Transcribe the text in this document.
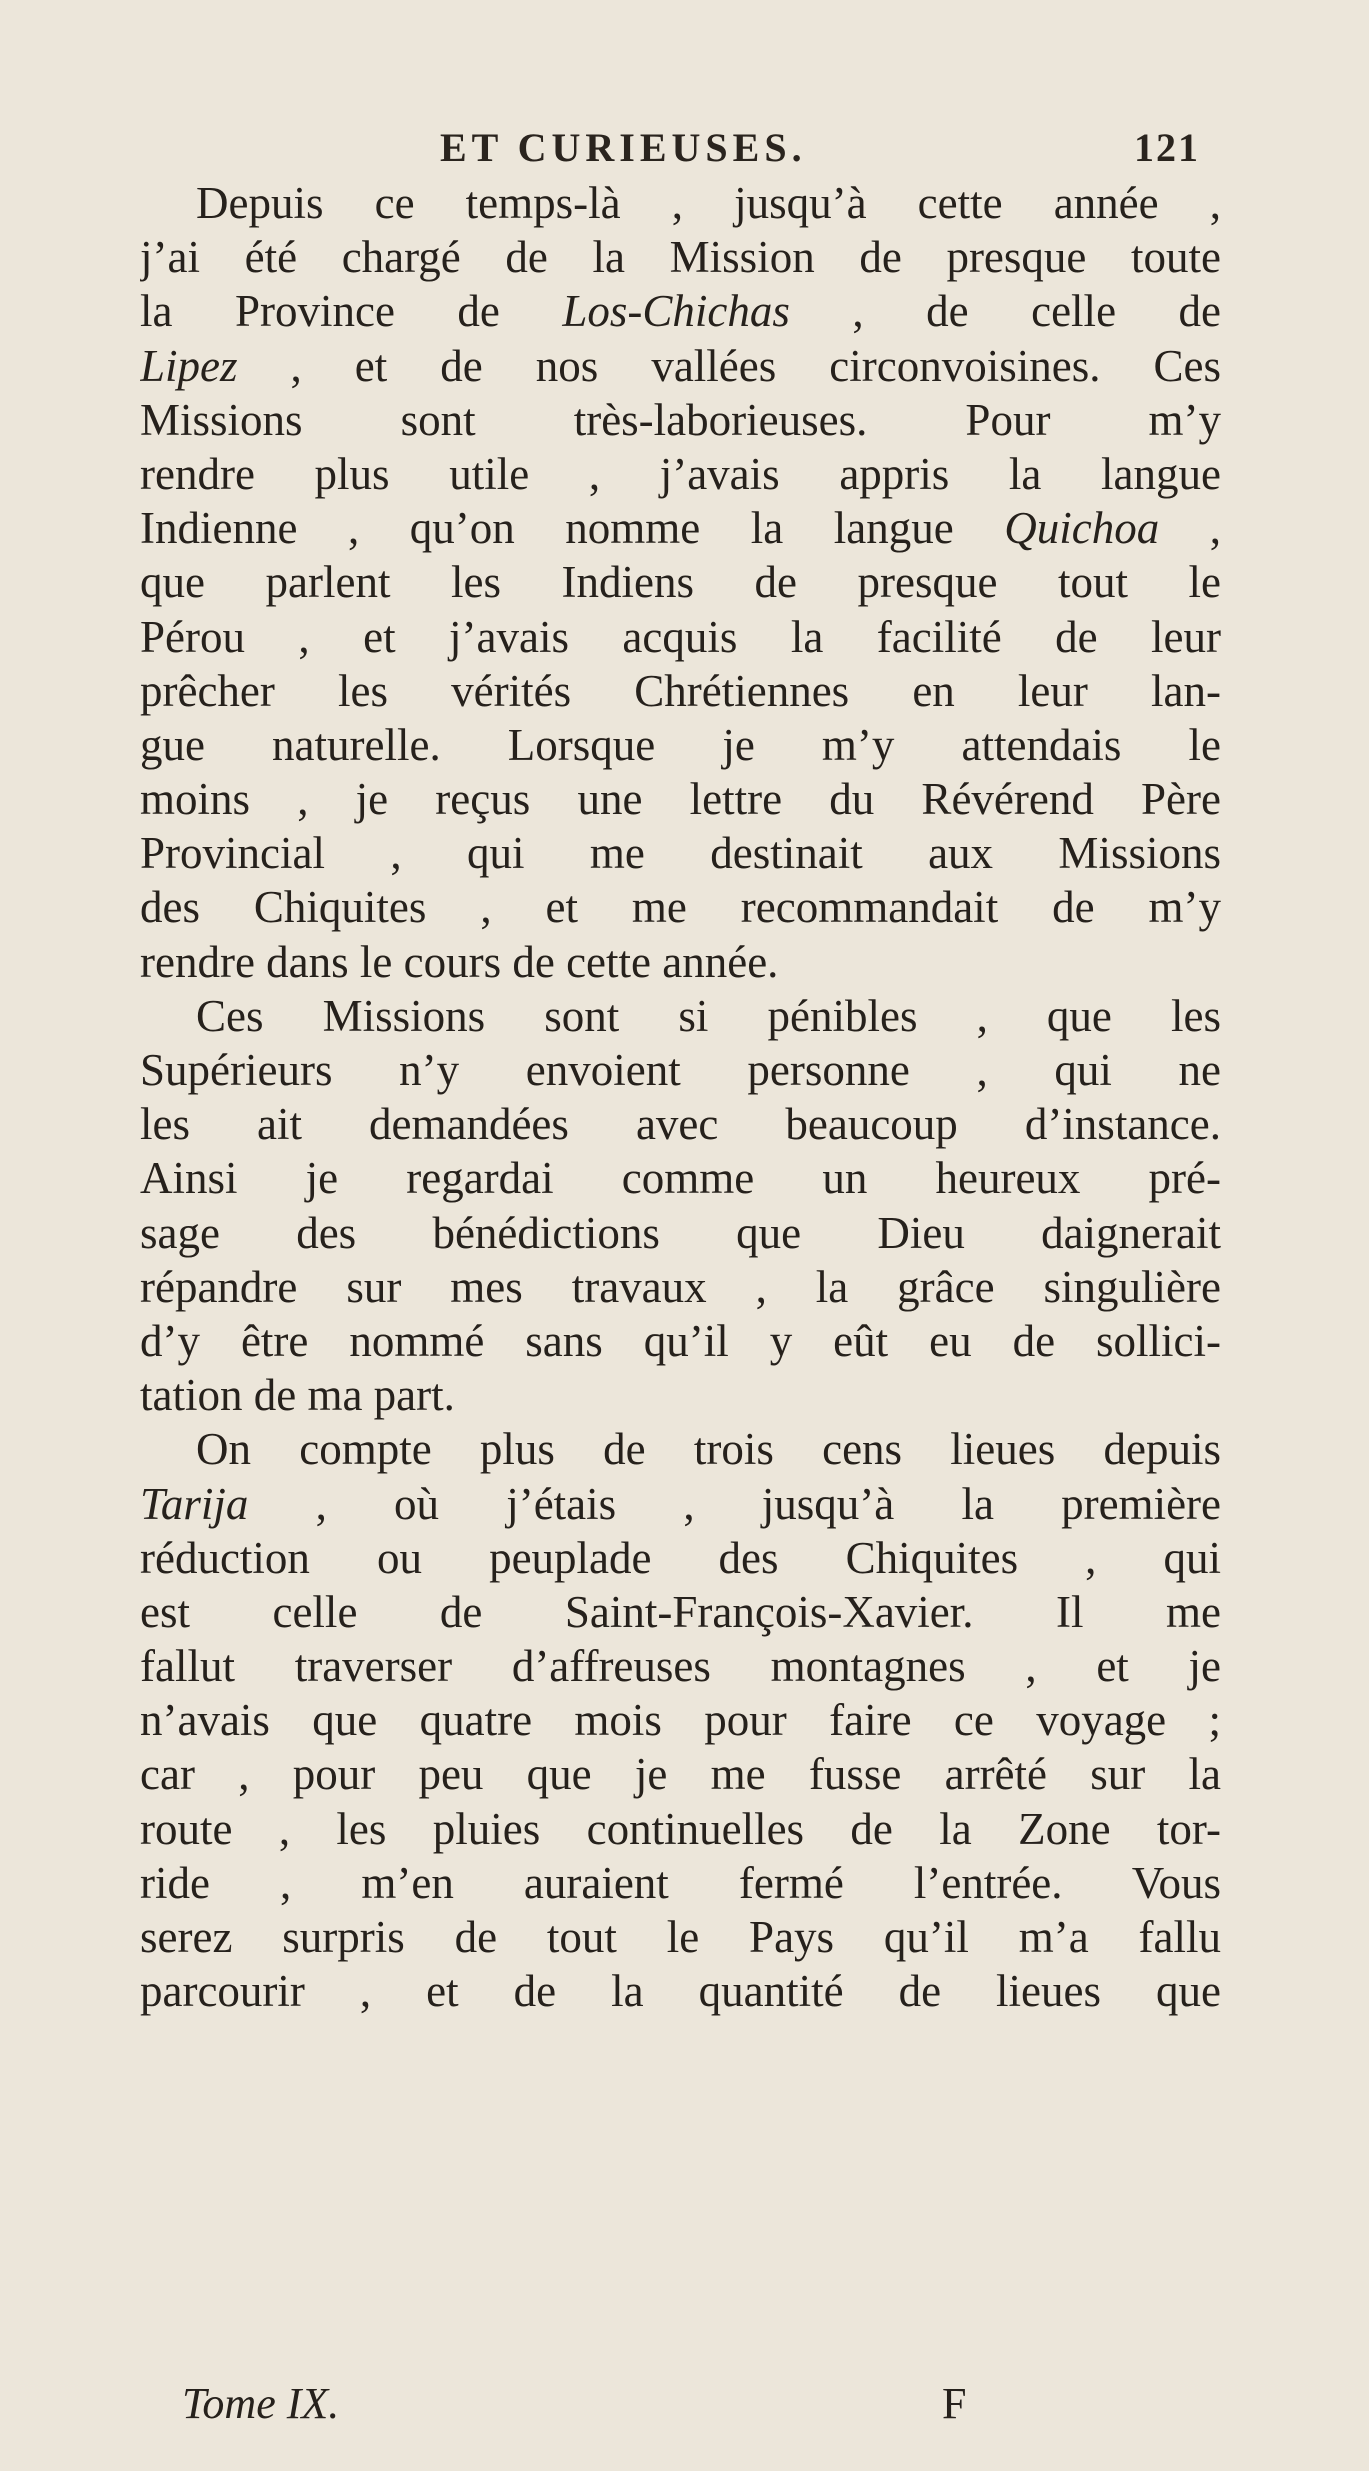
ET CURIEUSES.	121
Depuis ce temps-là , jusqu’à cette année ,
j’ai été chargé de la Mission de presque toute
la Province de Los-Chichas , de celle de
Lipez , et de nos vallées circonvoisines. Ces
Missions sont très-laborieuses. Pour m’y
rendre plus utile , j’avais appris la langue
Indienne , qu’on nomme la langue Quichoa ,
que parlent les Indiens de presque tout le
Pérou , et j’avais acquis la facilité de leur
prêcher les vérités Chrétiennes en leur lan-
gue naturelle. Lorsque je m’y attendais le
moins , je reçus une lettre du Révérend Père
Provincial , qui me destinait aux Missions
des Chiquites , et me recommandait de m’y
rendre dans le cours de cette année.
Ces Missions sont si pénibles , que les
Supérieurs n’y envoient personne , qui ne
les ait demandées avec beaucoup d’instance.
Ainsi je regardai comme un heureux pré-
sage des bénédictions que Dieu daignerait
répandre sur mes travaux , la grâce singulière
d’y être nommé sans qu’il y eût eu de sollici-
tation de ma part.
On compte plus de trois cens lieues depuis
Tarija , où j’étais , jusqu’à la première
réduction ou peuplade des Chiquites , qui
est celle de Saint-François-Xavier. Il me
fallut traverser d’affreuses montagnes , et je
n’avais que quatre mois pour faire ce voyage ;
car , pour peu que je me fusse arrêté sur la
route , les pluies continuelles de la Zone tor-
ride , m’en auraient fermé l’entrée. Vous
serez surpris de tout le Pays qu’il m’a fallu
parcourir , et de la quantité de lieues que
Tome IX.	F
